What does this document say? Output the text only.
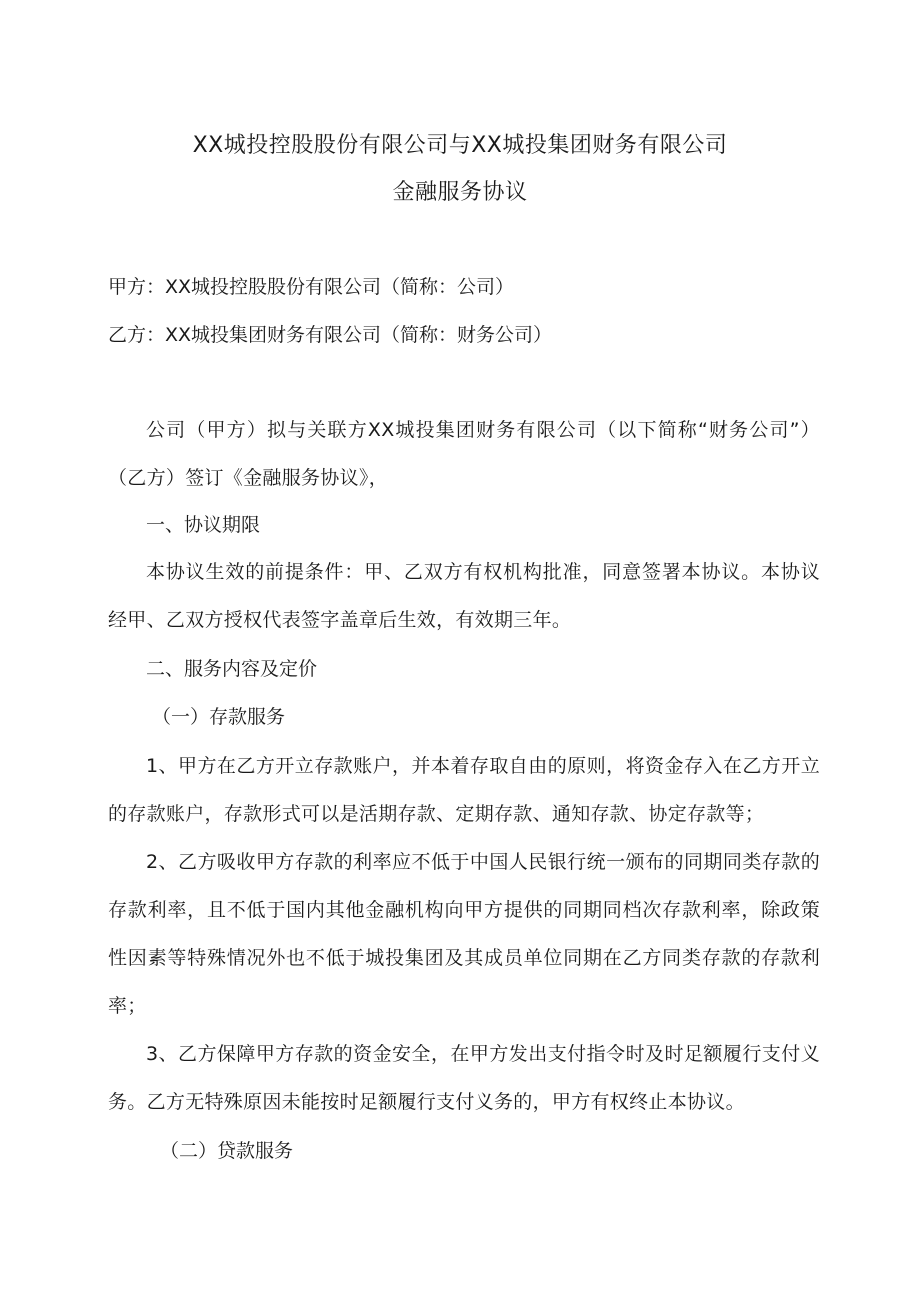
XX城投控股股份有限公司与XX城投集团财务有限公司
金融服务协议
甲方：XX城投控股股份有限公司（简称：公司）
乙方：XX城投集团财务有限公司（简称：财务公司）
公司（甲方）拟与关联方XX城投集团财务有限公司（以下简称“财务公司”）（乙方）签订《金融服务协议》，
一、协议期限
本协议生效的前提条件：甲、乙双方有权机构批准，同意签署本协议。本协议经甲、乙双方授权代表签字盖章后生效，有效期三年。
二、服务内容及定价
（一）存款服务
1、甲方在乙方开立存款账户，并本着存取自由的原则，将资金存入在乙方开立的存款账户，存款形式可以是活期存款、定期存款、通知存款、协定存款等；
2、乙方吸收甲方存款的利率应不低于中国人民银行统一颁布的同期同类存款的存款利率，且不低于国内其他金融机构向甲方提供的同期同档次存款利率，除政策性因素等特殊情况外也不低于城投集团及其成员单位同期在乙方同类存款的存款利率；
3、乙方保障甲方存款的资金安全，在甲方发出支付指令时及时足额履行支付义务。乙方无特殊原因未能按时足额履行支付义务的，甲方有权终止本协议。
（二）贷款服务
